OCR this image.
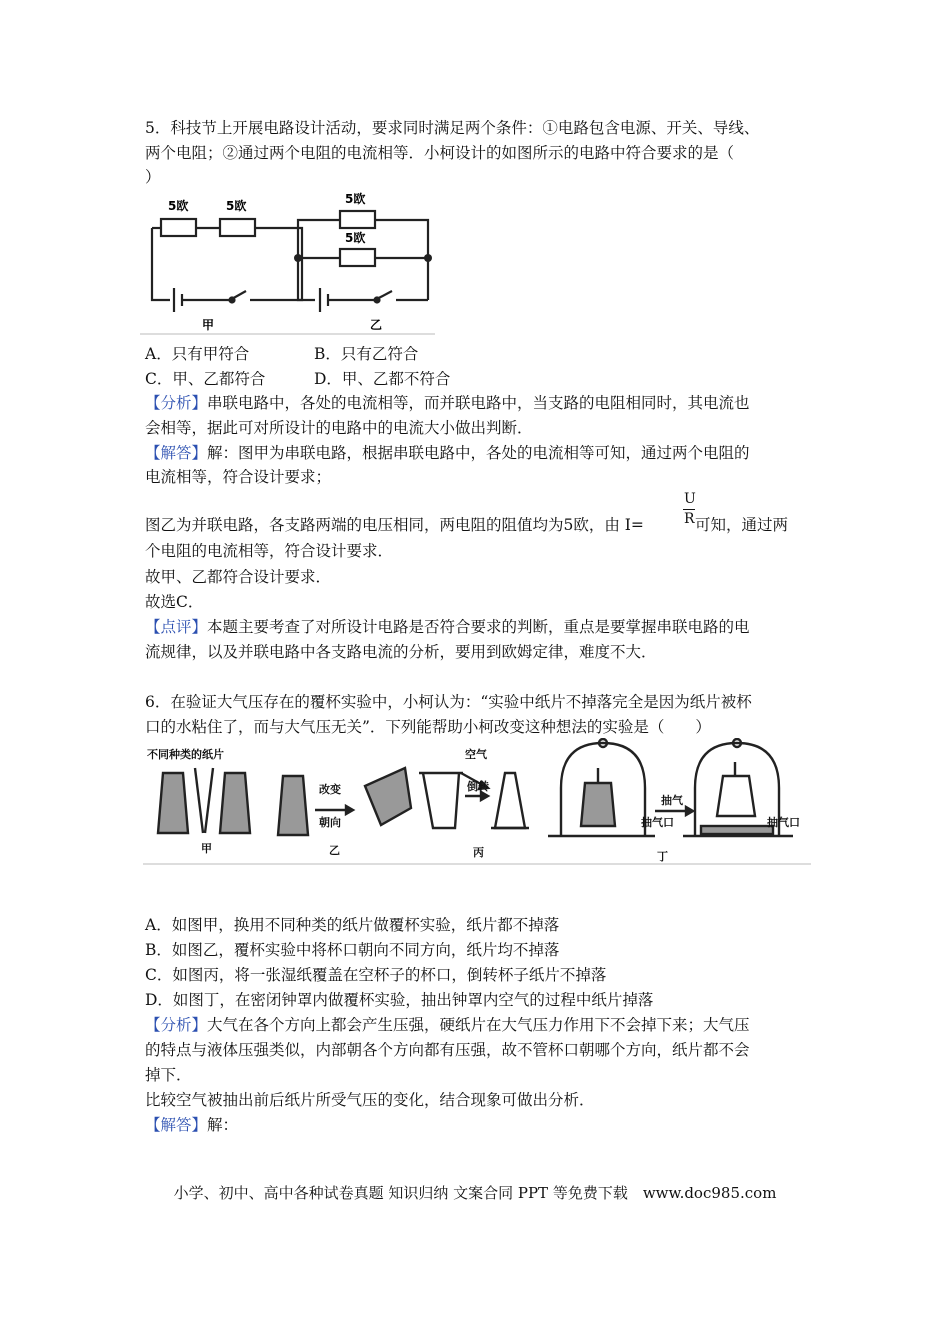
5．科技节上开展电路设计活动，要求同时满足两个条件：①电路包含电源、开关、导线、
两个电阻；②通过两个电阻的电流相等．小柯设计的如图所示的电路中符合要求的是（
）
5欧	5欧	5欧
5欧
甲	乙
A．只有甲符合	B．只有乙符合
C．甲、乙都符合	D．甲、乙都不符合
【分析】串联电路中，各处的电流相等，而并联电路中，当支路的电阻相同时，其电流也
会相等，据此可对所设计的电路中的电流大小做出判断．
【解答】解：图甲为串联电路，根据串联电路中，各处的电流相等可知，通过两个电阻的
电流相等，符合设计要求；
U
R
图乙为并联电路，各支路两端的电压相同，两电阻的阻值均为5欧，由 I=	可知，通过两
个电阻的电流相等，符合设计要求．
故甲、乙都符合设计要求．
故选C．
【点评】本题主要考查了对所设计电路是否符合要求的判断，重点是要掌握串联电路的电
流规律，以及并联电路中各支路电流的分析，要用到欧姆定律，难度不大．
6．在验证大气压存在的覆杯实验中，小柯认为：“实验中纸片不掉落完全是因为纸片被杯
口的水粘住了，而与大气压无关”．下列能帮助小柯改变这种想法的实验是（　　）
不同种类的纸片
改变
朝向
空气
倒转
抽气
抽气口	抽气口
甲	乙	丙	丁
A．如图甲，换用不同种类的纸片做覆杯实验，纸片都不掉落
B．如图乙，覆杯实验中将杯口朝向不同方向，纸片均不掉落
C．如图丙，将一张湿纸覆盖在空杯子的杯口，倒转杯子纸片不掉落
D．如图丁，在密闭钟罩内做覆杯实验，抽出钟罩内空气的过程中纸片掉落
【分析】大气在各个方向上都会产生压强，硬纸片在大气压力作用下不会掉下来；大气压
的特点与液体压强类似，内部朝各个方向都有压强，故不管杯口朝哪个方向，纸片都不会
掉下．
比较空气被抽出前后纸片所受气压的变化，结合现象可做出分析．
【解答】解：
小学、初中、高中各种试卷真题 知识归纳 文案合同 PPT 等免费下载　www.doc985.com
